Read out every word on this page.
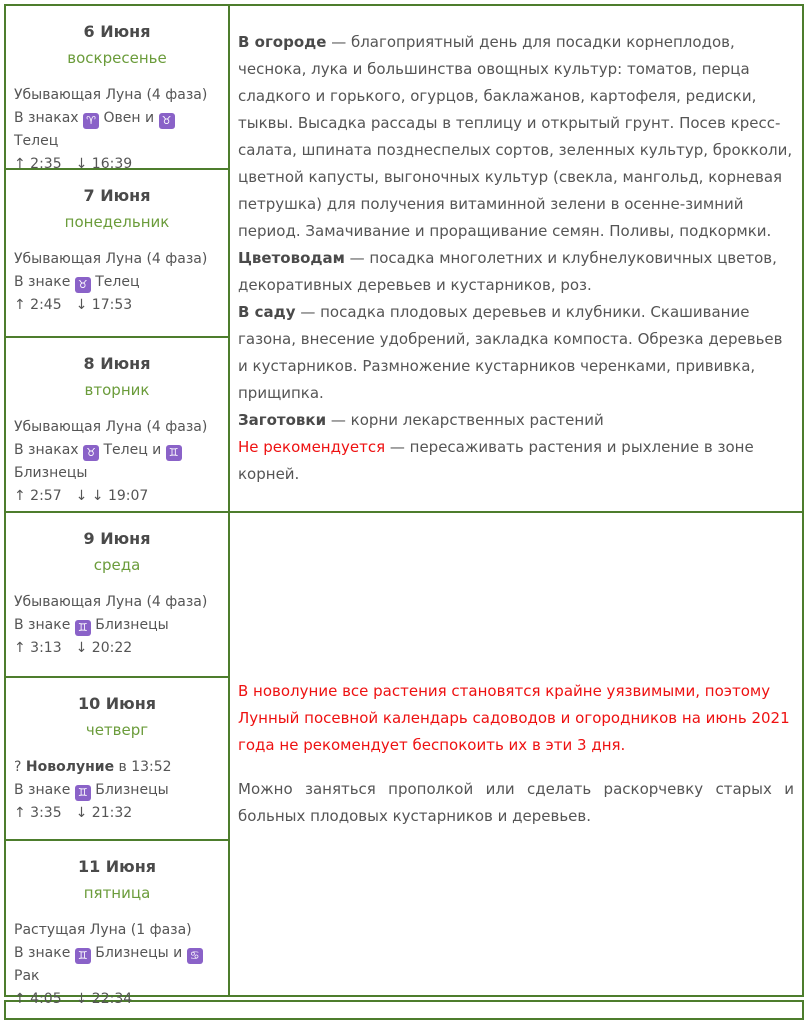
6 Июня
воскресенье
Убывающая Луна (4 фаза)
В знаках ♈ Овен и ♉ Телец
↑ 2:35 ↓ 16:39
7 Июня
понедельник
Убывающая Луна (4 фаза)
В знаке ♉ Телец
↑ 2:45 ↓ 17:53
8 Июня
вторник
Убывающая Луна (4 фаза)
В знаках ♉ Телец и ♊ Близнецы
↑ 2:57 ↓ ↓ 19:07
В огороде — благоприятный день для посадки корнеплодов, чеснока, лука и большинства овощных культур: томатов, перца сладкого и горького, огурцов, баклажанов, картофеля, редиски, тыквы. Высадка рассады в теплицу и открытый грунт. Посев кресс-салата, шпината позднеспелых сортов, зеленных культур, брокколи, цветной капусты, выгоночных культур (свекла, мангольд, корневая петрушка) для получения витаминной зелени в осенне-зимний период. Замачивание и проращивание семян. Поливы, подкормки.
Цветоводам — посадка многолетних и клубнелуковичных цветов, декоративных деревьев и кустарников, роз.
В саду — посадка плодовых деревьев и клубники. Скашивание газона, внесение удобрений, закладка компоста. Обрезка деревьев и кустарников. Размножение кустарников черенками, прививка, прищипка.
Заготовки — корни лекарственных растений
Не рекомендуется — пересаживать растения и рыхление в зоне корней.
9 Июня
среда
Убывающая Луна (4 фаза)
В знаке ♊ Близнецы
↑ 3:13 ↓ 20:22
10 Июня
четверг
? Новолуние в 13:52
В знаке ♊ Близнецы
↑ 3:35 ↓ 21:32
11 Июня
пятница
Растущая Луна (1 фаза)
В знаке ♊ Близнецы и ♋ Рак
↑ 4:05 ↓ 22:34
В новолуние все растения становятся крайне уязвимыми, поэтому Лунный посевной календарь садоводов и огородников на июнь 2021 года не рекомендует беспокоить их в эти 3 дня.
Можно заняться прополкой или сделать раскорчевку старых и больных плодовых кустарников и деревьев.
